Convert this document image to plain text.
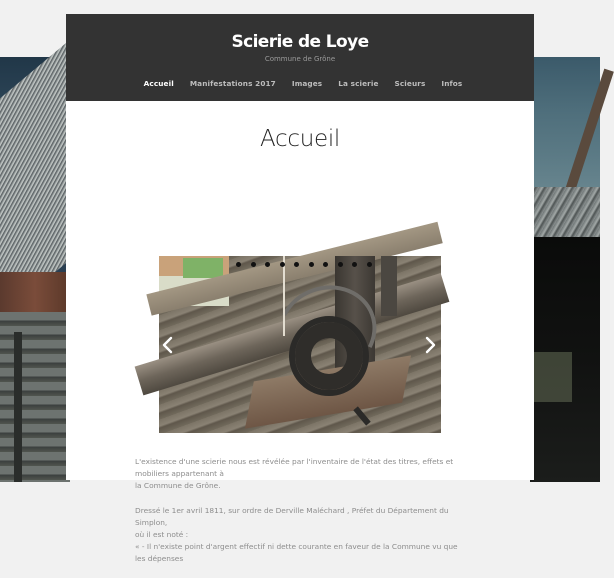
Scierie de Loye
Commune de Grône
Accueil	Manifestations 2017	Images	La scierie	Scieurs	Infos
Accueil

L'existence d'une scierie nous est révélée par l'inventaire de l'état des titres, effets et
mobiliers appartenant à
la Commune de Grône.

Dressé le 1er avril 1811, sur ordre de Derville Maléchard , Préfet du Département du
Simplon,
où il est noté :
« - Il n'existe point d'argent effectif ni dette courante en faveur de la Commune vu que
les dépenses
